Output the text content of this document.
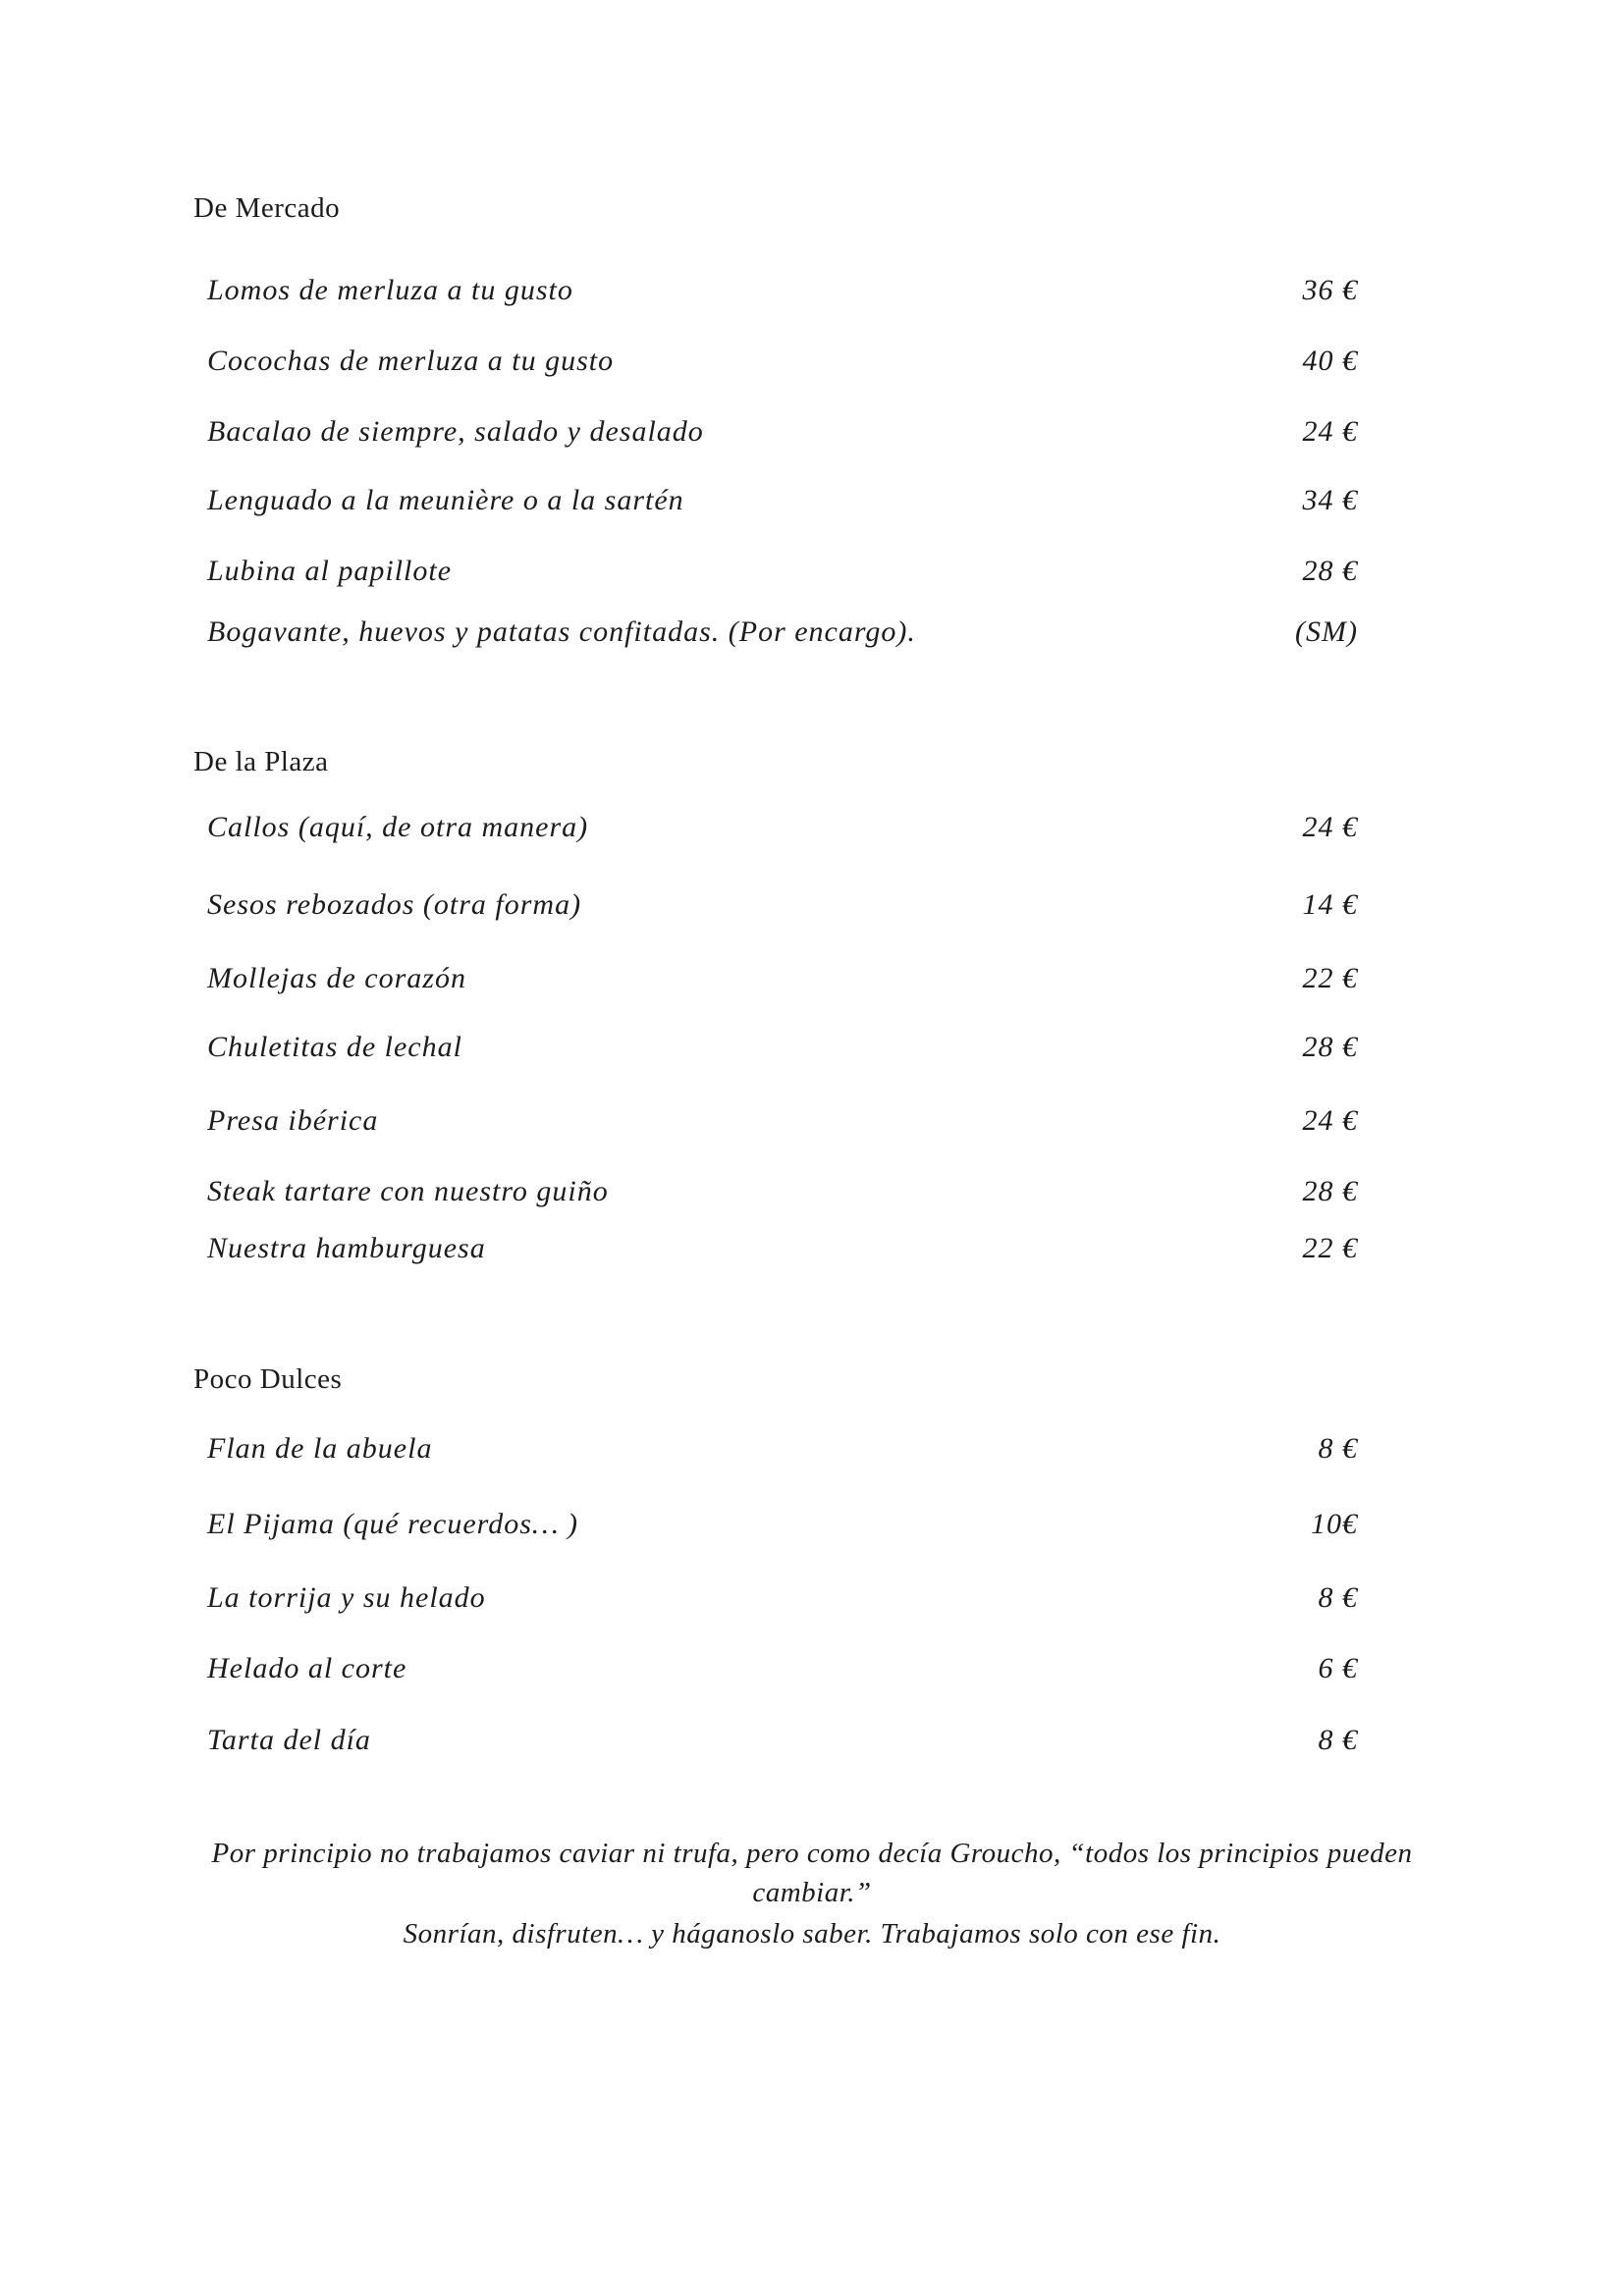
De Mercado
Lomos de merluza a tu gusto	36 €
Cocochas de merluza a tu gusto	40 €
Bacalao de siempre, salado y desalado	24 €
Lenguado a la meunière o a la sartén	34 €
Lubina al papillote	28 €
Bogavante, huevos y patatas confitadas. (Por encargo).	(SM)
De la Plaza
Callos (aquí, de otra manera)	24 €
Sesos rebozados (otra forma)	14 €
Mollejas de corazón	22 €
Chuletitas de lechal	28 €
Presa ibérica	24 €
Steak tartare con nuestro guiño	28 €
Nuestra hamburguesa	22 €
Poco Dulces
Flan de la abuela	8 €
El Pijama (qué recuerdos… )	10€
La torrija y su helado	8 €
Helado al corte	6 €
Tarta del día	8 €
Por principio no trabajamos caviar ni trufa, pero como decía Groucho, “todos los principios pueden
cambiar.”
Sonrían, disfruten… y háganoslo saber. Trabajamos solo con ese fin.
